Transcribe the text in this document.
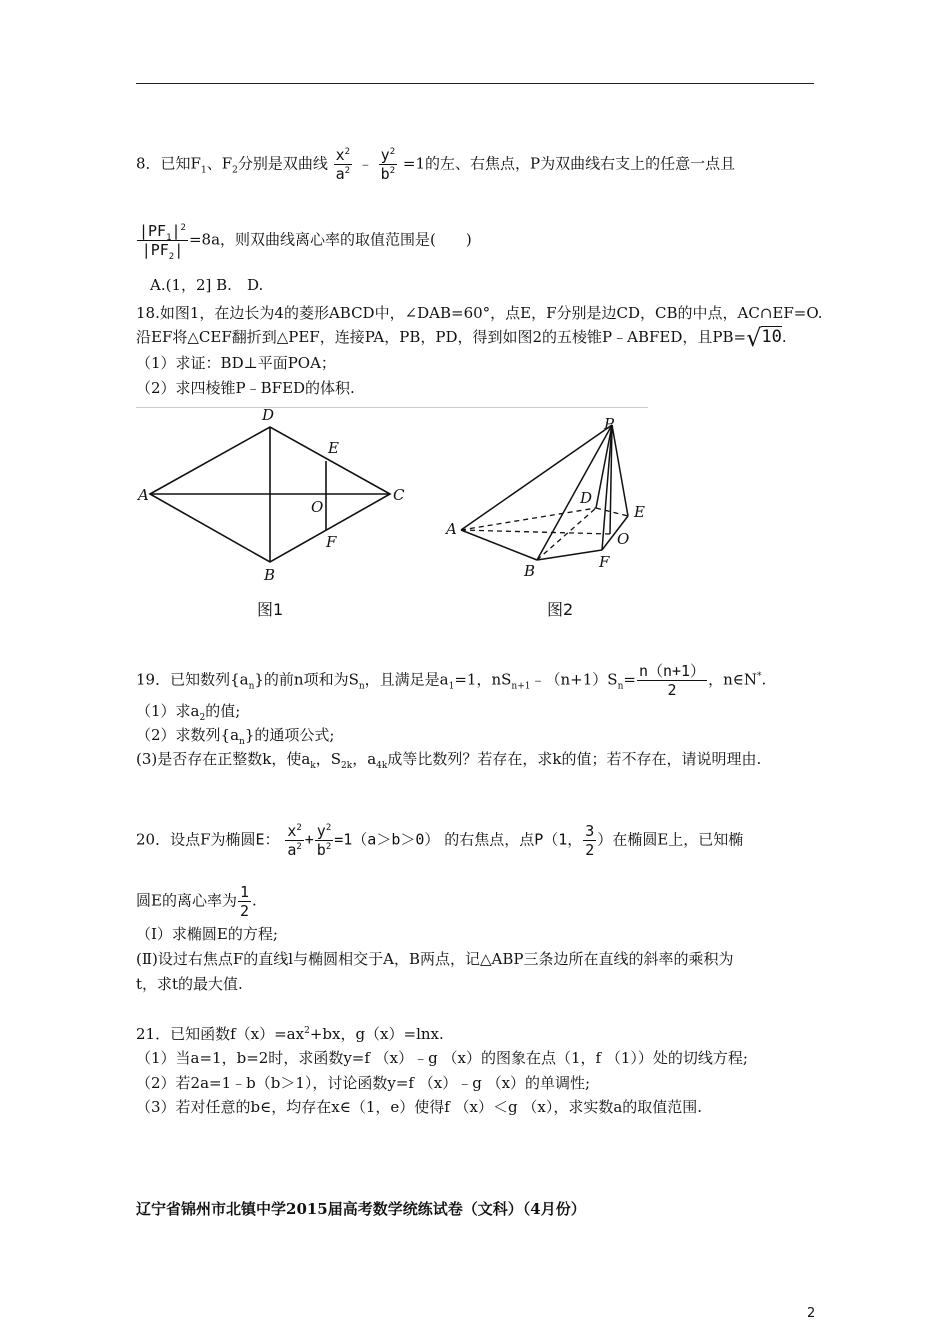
8．已知$F_1$、$F_2$分别是双曲线 $\frac{x^2}{a^2}$ ﹣ $\frac{y^2}{b^2} =1$的左、右焦点，P为双曲线右支上的任意一点且
$\frac{|PF_1|^2}{|PF_2|} =8a$，则双曲线离心率的取值范围是(　　)
A.(1，2] B.　D.
18.如图1，在边长为4的菱形ABCD中，∠DAB=60°，点E，F分别是边CD，CB的中点，AC∩EF=O.
沿EF将△CEF翻折到△PEF，连接PA，PB，PD，得到如图2的五棱锥P﹣ABFED，且PB=√10.
（1）求证：BD⊥平面POA；
（2）求四棱锥P﹣BFED的体积.
A
D
C
B
E
O
F
图1
A
B
D
E
F
O
P
图2
19．已知数列$\{a_n\}$的前n项和为$S_n$，且满足是$a_1=1$，$nS_{n+1}﹣(n+1)S_n= \frac{n(n+1)}{2}$ ，n∈N*.
（1）求$a_2$的值;
（2）求数列$\{a_n\}$的通项公式;
(3)是否存在正整数k，使$a_k$，$S_{2k}$，$a_{4k}$成等比数列？若存在，求k的值；若不存在，请说明理由.
20．设点F为椭圆E： $\frac{x^2}{a^2} + \frac{y^2}{b^2} =1(a>b>0)$ 的右焦点，点P（1， $\frac{3}{2}$ ）在椭圆E上，已知椭
圆E的离心率为 $\frac{1}{2}$ .
（Ⅰ）求椭圆E的方程;
(Ⅱ)设过右焦点F的直线l与椭圆相交于A，B两点，记△ABP三条边所在直线的斜率的乘积为
t，求t的最大值.
21．已知函数$f(x)=ax^2+bx$，g（x）=lnx.
（1）当a=1，b=2时，求函数y=f （x）﹣g （x）的图象在点（1，f （1））处的切线方程;
（2）若2a=1﹣b（b＞1），讨论函数y=f （x）﹣g （x）的单调性;
（3）若对任意的b∈，均存在x∈（1，e）使得f （x）＜g （x），求实数a的取值范围.
辽宁省锦州市北镇中学2015届高考数学统练试卷（文科）（4月份）
2
